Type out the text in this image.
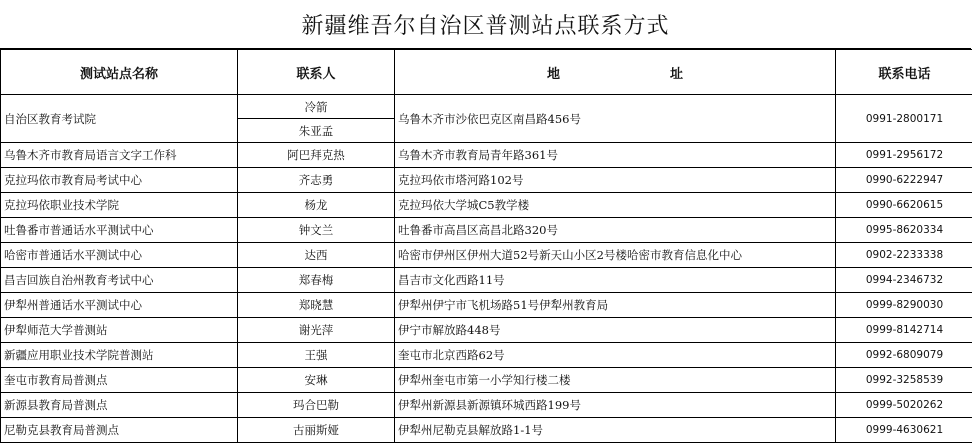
新疆维吾尔自治区普测站点联系方式
测试站点名称	联系人	地 址	联系电话
自治区教育考试院	冷箭	乌鲁木齐市沙依巴克区南昌路456号	0991-2800171
	朱亚孟		
乌鲁木齐市教育局语言文字工作科	阿巴拜克热	乌鲁木齐市教育局青年路361号	0991-2956172
克拉玛依市教育局考试中心	齐志勇	克拉玛依市塔河路102号	0990-6222947
克拉玛依职业技术学院	杨龙	克拉玛依大学城C5教学楼	0990-6620615
吐鲁番市普通话水平测试中心	钟文兰	吐鲁番市高昌区高昌北路320号	0995-8620334
哈密市普通话水平测试中心	达西	哈密市伊州区伊州大道52号新天山小区2号楼哈密市教育信息化中心	0902-2233338
昌吉回族自治州教育考试中心	郑春梅	昌吉市文化西路11号	0994-2346732
伊犁州普通话水平测试中心	郑晓慧	伊犁州伊宁市飞机场路51号伊犁州教育局	0999-8290030
伊犁师范大学普测站	谢光萍	伊宁市解放路448号	0999-8142714
新疆应用职业技术学院普测站	王强	奎屯市北京西路62号	0992-6809079
奎屯市教育局普测点	安琳	伊犁州奎屯市第一小学知行楼二楼	0992-3258539
新源县教育局普测点	玛合巴勒	伊犁州新源县新源镇环城西路199号	0999-5020262
尼勒克县教育局普测点	古丽斯娅	伊犁州尼勒克县解放路1-1号	0999-4630621
